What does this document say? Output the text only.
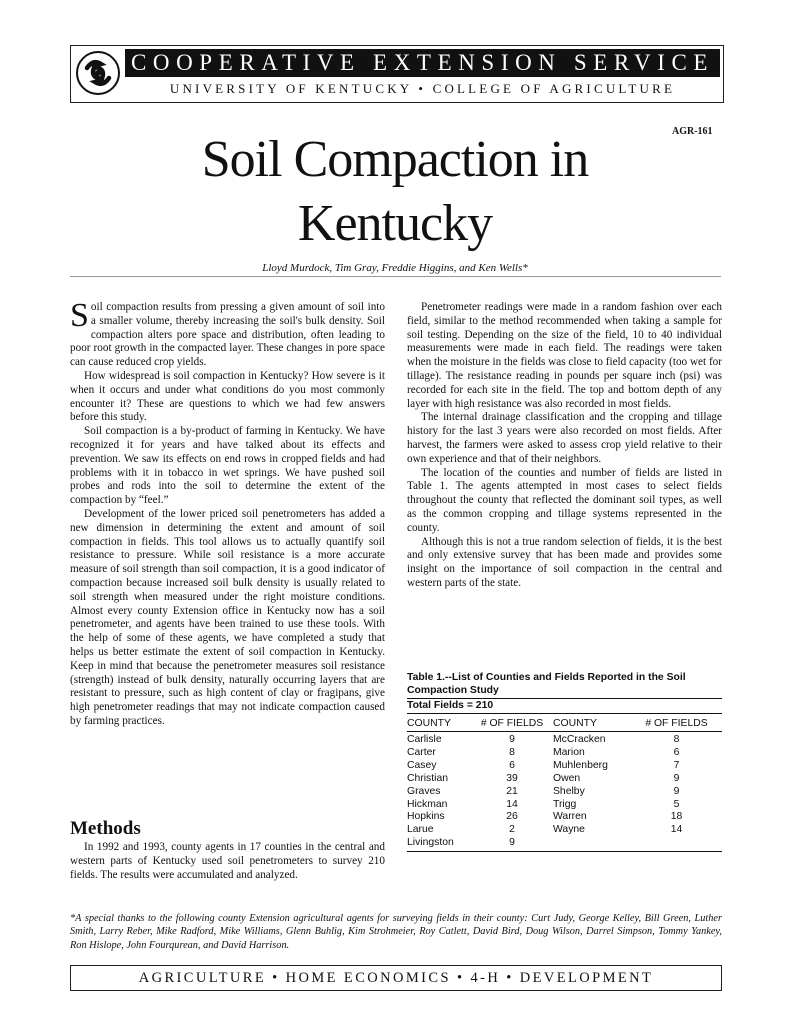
COOPERATIVE EXTENSION SERVICE
UNIVERSITY OF KENTUCKY • COLLEGE OF AGRICULTURE
AGR-161
Soil Compaction in
Kentucky
Lloyd Murdock, Tim Gray, Freddie Higgins, and Ken Wells*

Soil compaction results from pressing a given amount of soil into a smaller volume, thereby increasing the soil's bulk density. Soil compaction alters pore space and distribution, often leading to poor root growth in the compacted layer. These changes in pore space can cause reduced crop yields.

How widespread is soil compaction in Kentucky? How severe is it when it occurs and under what conditions do you most commonly encounter it? These are questions to which we had few answers before this study.

Soil compaction is a by-product of farming in Kentucky. We have recognized it for years and have talked about its effects and prevention. We saw its effects on end rows in cropped fields and had problems with it in tobacco in wet springs. We have pushed soil probes and rods into the soil to determine the extent of the compaction by “feel.”

Development of the lower priced soil penetrometers has added a new dimension in determining the extent and amount of soil compaction in fields. This tool allows us to actually quantify soil resistance to pressure. While soil resistance is a more accurate measure of soil strength than soil compaction, it is a good indicator of compaction because increased soil bulk density is usually related to soil strength when measured under the right moisture conditions. Almost every county Extension office in Kentucky now has a soil penetrometer, and agents have been trained to use these tools. With the help of some of these agents, we have completed a study that helps us better estimate the extent of soil compaction in Kentucky. Keep in mind that because the penetrometer measures soil resistance (strength) instead of bulk density, naturally occurring layers that are resistant to pressure, such as high content of clay or fragipans, give high penetrometer readings that may not indicate compaction caused by farming practices.

Methods

In 1992 and 1993, county agents in 17 counties in the central and western parts of Kentucky used soil penetrometers to survey 210 fields. The results were accumulated and analyzed.

Penetrometer readings were made in a random fashion over each field, similar to the method recommended when taking a sample for soil testing. Depending on the size of the field, 10 to 40 individual measurements were made in each field. The readings were taken when the moisture in the fields was close to field capacity (too wet for tillage). The resistance reading in pounds per square inch (psi) was recorded for each site in the field. The top and bottom depth of any layer with high resistance was also recorded in most fields.

The internal drainage classification and the cropping and tillage history for the last 3 years were also recorded on most fields. After harvest, the farmers were asked to assess crop yield relative to their own experience and that of their neighbors.

The location of the counties and number of fields are listed in Table 1. The agents attempted in most cases to select fields throughout the county that reflected the dominant soil types, as well as the common cropping and tillage systems represented in the county.

Although this is not a true random selection of fields, it is the best and only extensive survey that has been made and provides some insight on the importance of soil compaction in the central and western parts of the state.

Table 1.--List of Counties and Fields Reported in the Soil Compaction Study
Total Fields = 210
COUNTY	# OF FIELDS COUNTY	# OF FIELDS
Carlisle
Carter
Casey
Christian
Graves
Hickman
Hopkins
Larue
Livingston
9
8
6
39
21
14
26
2
9
McCracken
Marion
Muhlenberg
Owen
Shelby
Trigg
Warren
Wayne
8
6
7
9
9
5
18
14
*A special thanks to the following county Extension agricultural agents for surveying fields in their county: Curt Judy, George Kelley, Bill Green, Luther Smith, Larry Reber, Mike Radford, Mike Williams, Glenn Buhlig, Kim Strohmeier, Roy Catlett, David Bird, Doug Wilson, Darrel Simpson, Tommy Yankey, Ron Hislope, John Fourqurean, and David Harrison.
AGRICULTURE • HOME ECONOMICS • 4-H • DEVELOPMENT
